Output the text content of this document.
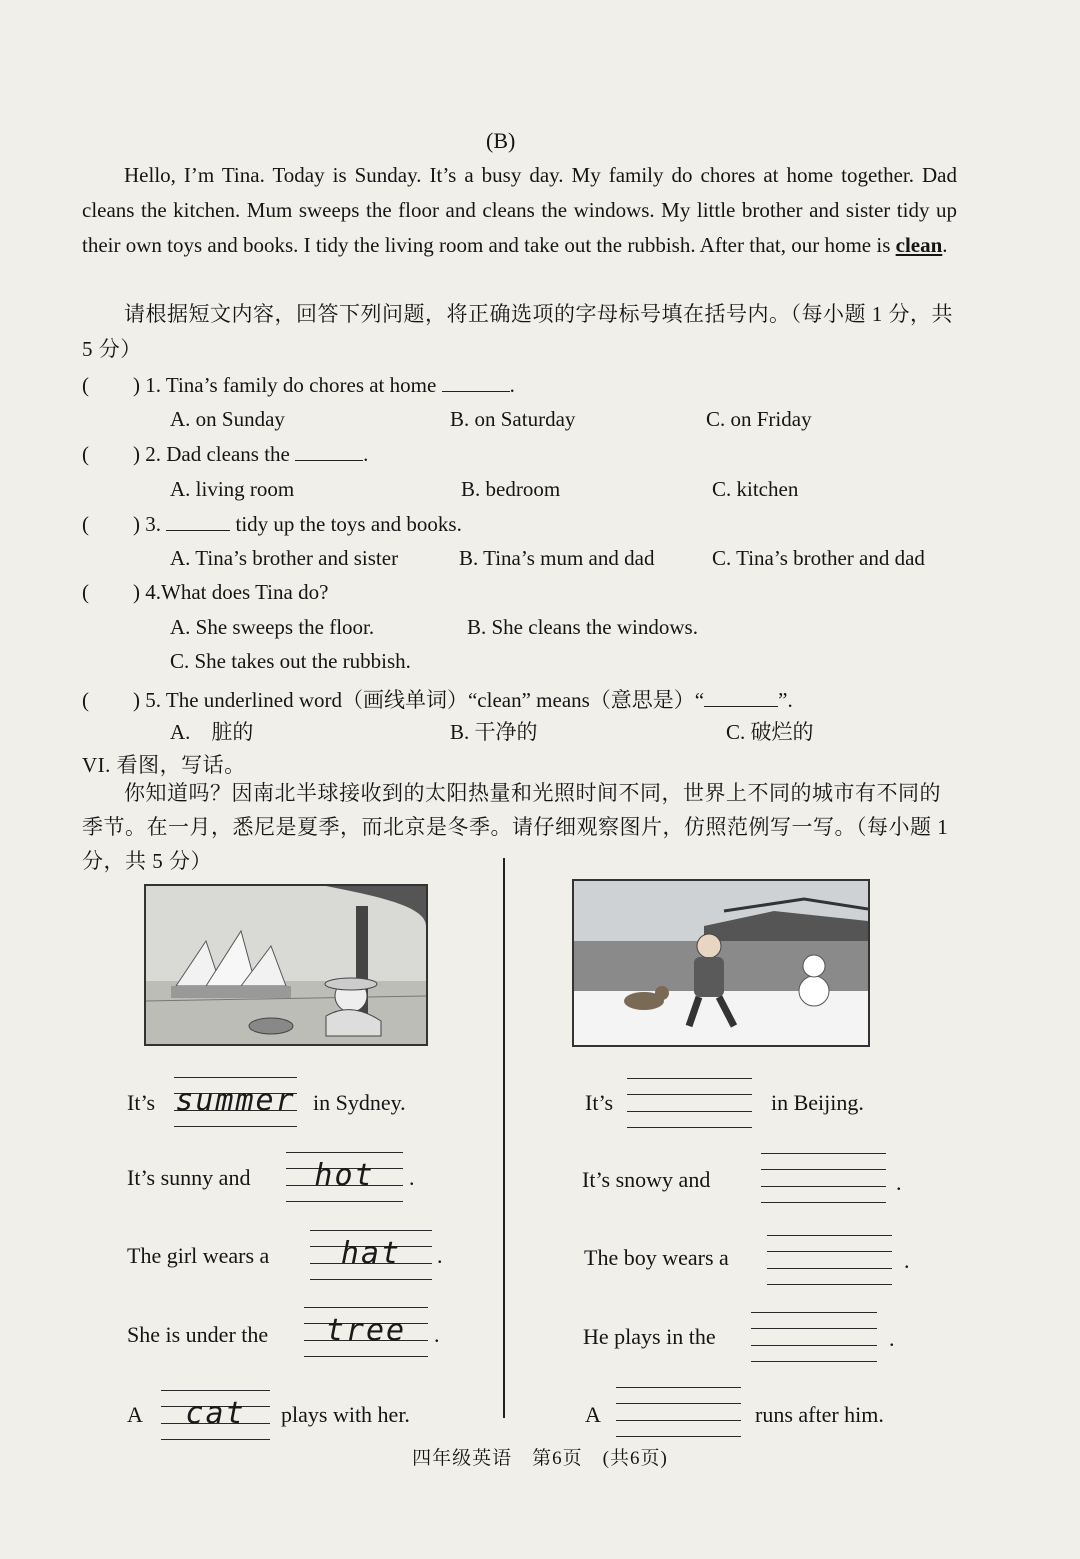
(B)
Hello, I’m Tina. Today is Sunday. It’s a busy day. My family do chores at home together. Dad cleans the kitchen. Mum sweeps the floor and cleans the windows. My little brother and sister tidy up their own toys and books. I tidy the living room and take out the rubbish. After that, our home is clean.
请根据短文内容，回答下列问题，将正确选项的字母标号填在括号内。（每小题 1 分，共 5 分）
( ) 1. Tina’s family do chores at home	.
A. on Sunday	B. on Saturday	C. on Friday
( ) 2. Dad cleans the	.
A. living room	B. bedroom	C. kitchen
( ) 3.	tidy up the toys and books.
A. Tina’s brother and sister	B. Tina’s mum and dad	C. Tina’s brother and dad
( ) 4.What does Tina do?
A. She sweeps the floor.	B. She cleans the windows.
C. She takes out the rubbish.
( ) 5. The underlined word（画线单词）“clean” means（意思是）“	”.
A.　脏的	B. 干净的	C. 破烂的
VI. 看图，写话。
你知道吗？因南北半球接收到的太阳热量和光照时间不同，世界上不同的城市有不同的季节。在一月，悉尼是夏季，而北京是冬季。请仔细观察图片，仿照范例写一写。（每小题 1 分，共 5 分）
It’s summer in Sydney.
It’s sunny and	hot	.
The girl wears a	hat	.
She is under the	tree	.
A	cat	plays with her.
It’s	in Beijing.
It’s snowy and	.
The boy wears a	.
He plays in the	.
A	runs after him.
四年级英语　第6页　(共6页)
